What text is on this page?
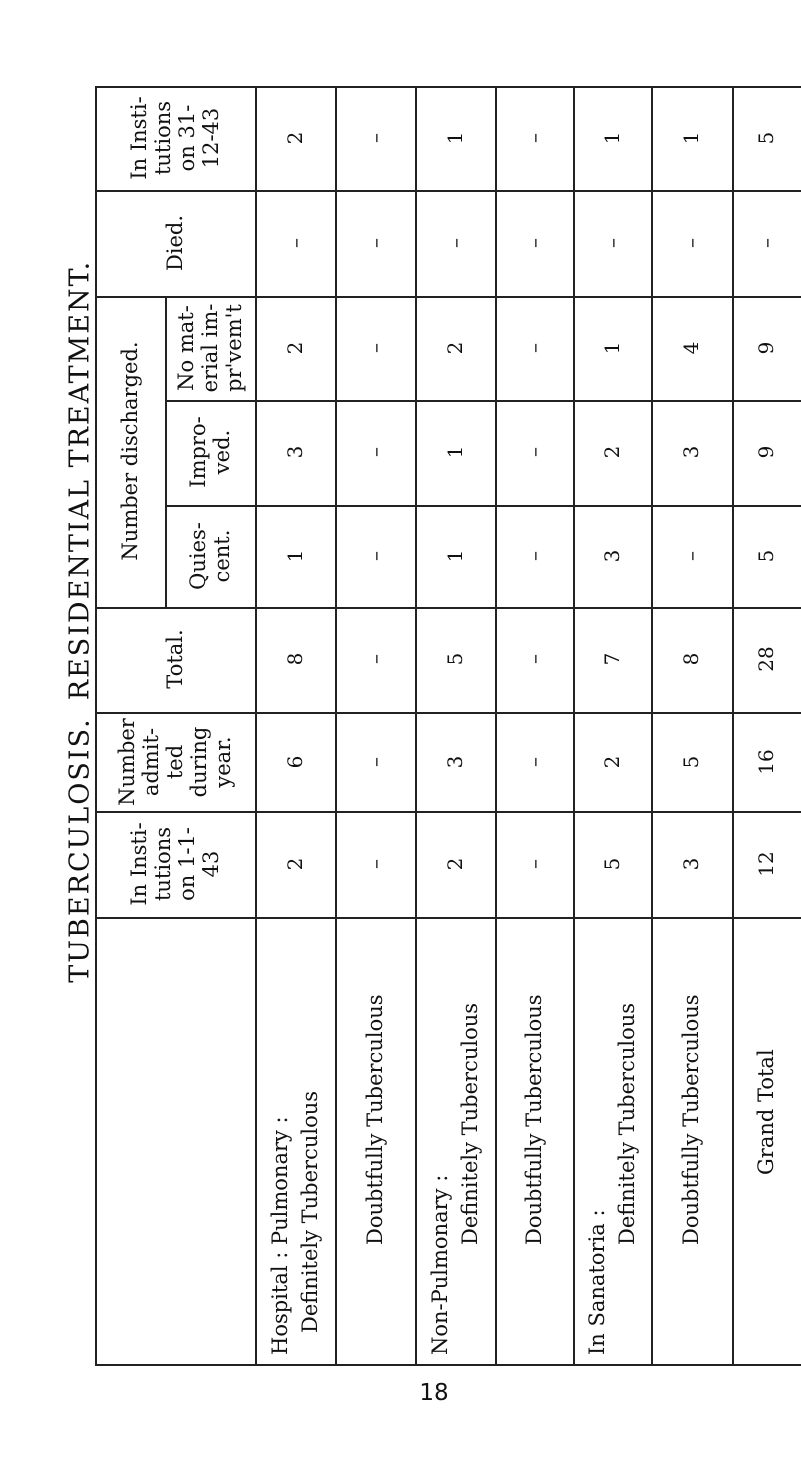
TUBERCULOSIS.
RESIDENTIAL TREATMENT.
In Insti- tutions on 31-12-43
Died.
Number discharged. No mat- erial im- pr'vem't
Impro- ved.
Quies- cent.
Total.
Number admit- ted during year.
In Insti- tutions on 1-1-43
Hospital : Pulmonary : Definitely Tuberculous Doubtfully Tuberculous
Non-Pulmonary :
Definitely Tuberculous Doubtfully Tuberculous
In Sanatoria :
Definitely Tuberculous Doubtfully Tuberculous Grand Total
2
–
2
3
1
8
6
2
–
–
–
–
–
–
–
–
1
–
2
1
1
5
3
2
–
–
–
–
–
–
–
–
1
–
1
2
3
7
2
5
1
–
4
3
–
8
5
3
5
–
9
9
5
28
16
12
18
